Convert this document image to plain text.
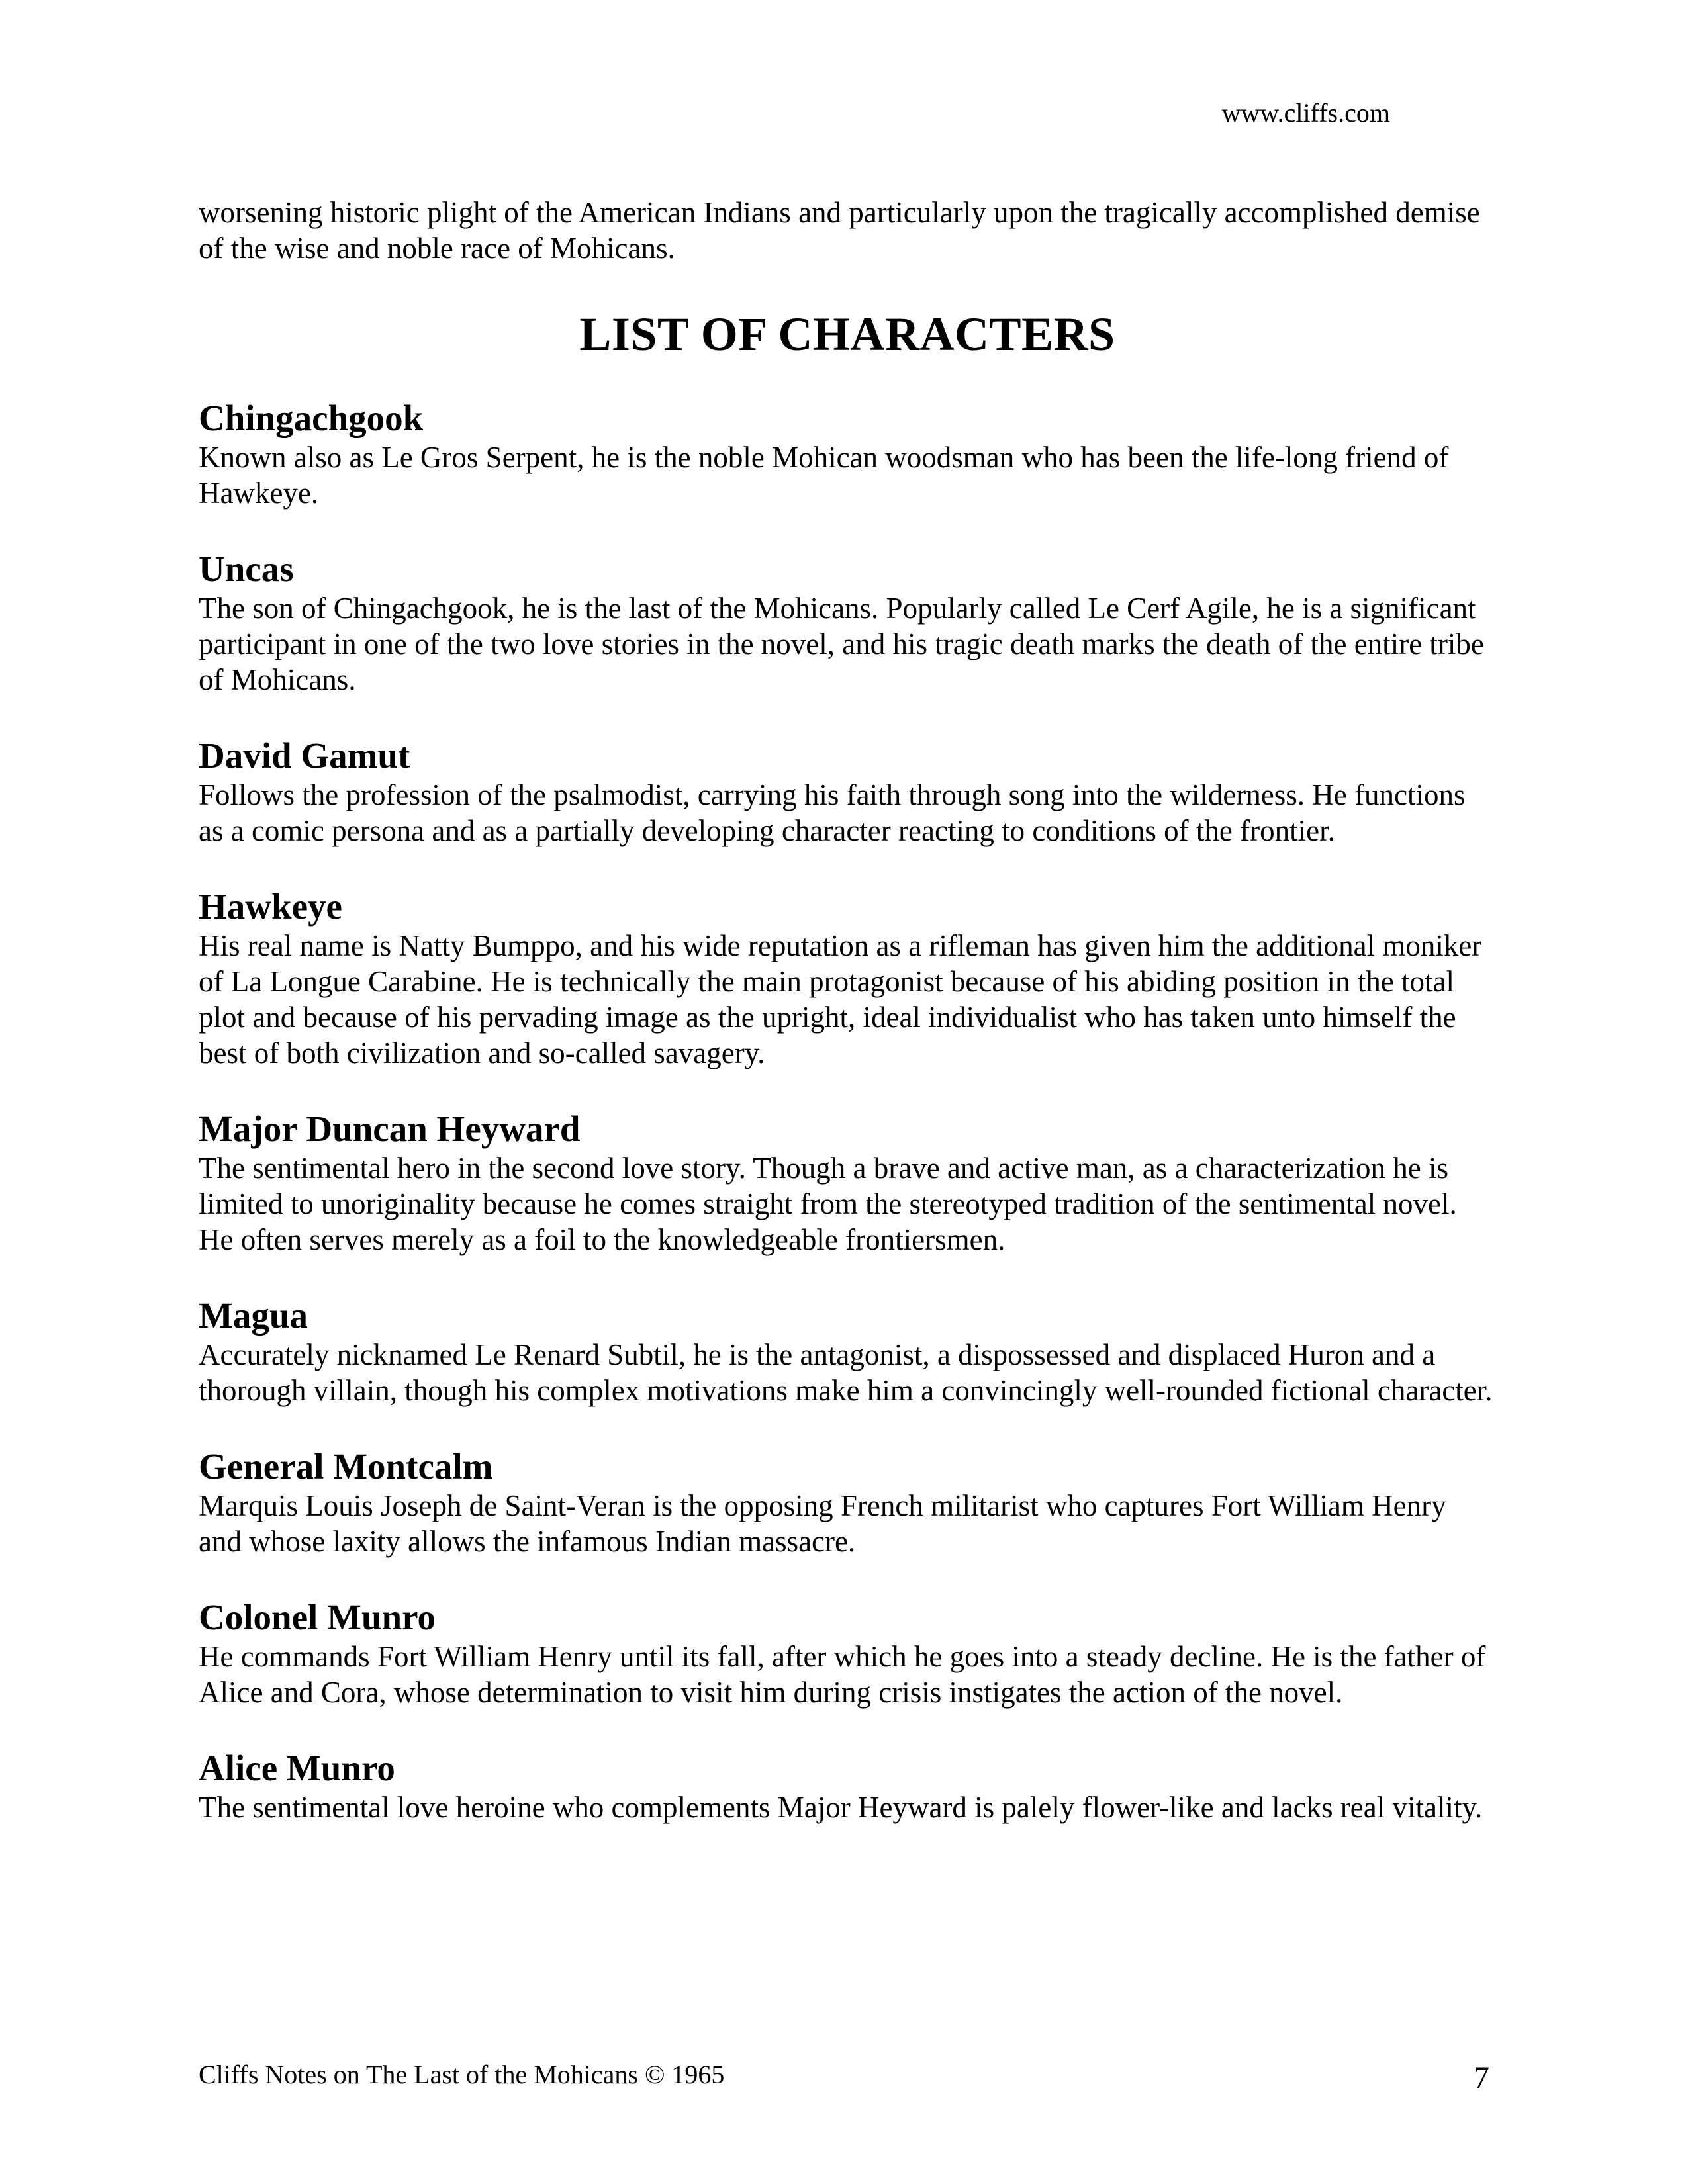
www.cliffs.com

worsening historic plight of the American Indians and particularly upon the tragically accomplished demise of the wise and noble race of Mohicans.

LIST OF CHARACTERS
Chingachgook

Known also as Le Gros Serpent, he is the noble Mohican woodsman who has been the life-long friend of Hawkeye.

Uncas

The son of Chingachgook, he is the last of the Mohicans. Popularly called Le Cerf Agile, he is a significant participant in one of the two love stories in the novel, and his tragic death marks the death of the entire tribe of Mohicans.

David Gamut

Follows the profession of the psalmodist, carrying his faith through song into the wilderness. He functions as a comic persona and as a partially developing character reacting to conditions of the frontier.

Hawkeye

His real name is Natty Bumppo, and his wide reputation as a rifleman has given him the additional moniker of La Longue Carabine. He is technically the main protagonist because of his abiding position in the total plot and because of his pervading image as the upright, ideal individualist who has taken unto himself the best of both civilization and so-called savagery.

Major Duncan Heyward

The sentimental hero in the second love story. Though a brave and active man, as a characterization he is limited to unoriginality because he comes straight from the stereotyped tradition of the sentimental novel. He often serves merely as a foil to the knowledgeable frontiersmen.

Magua

Accurately nicknamed Le Renard Subtil, he is the antagonist, a dispossessed and displaced Huron and a thorough villain, though his complex motivations make him a convincingly well-rounded fictional character.

General Montcalm

Marquis Louis Joseph de Saint-Veran is the opposing French militarist who captures Fort William Henry and whose laxity allows the infamous Indian massacre.

Colonel Munro

He commands Fort William Henry until its fall, after which he goes into a steady decline. He is the father of Alice and Cora, whose determination to visit him during crisis instigates the action of the novel.

Alice Munro

The sentimental love heroine who complements Major Heyward is palely flower-like and lacks real vitality.

Cliffs Notes on The Last of the Mohicans © 1965	7
